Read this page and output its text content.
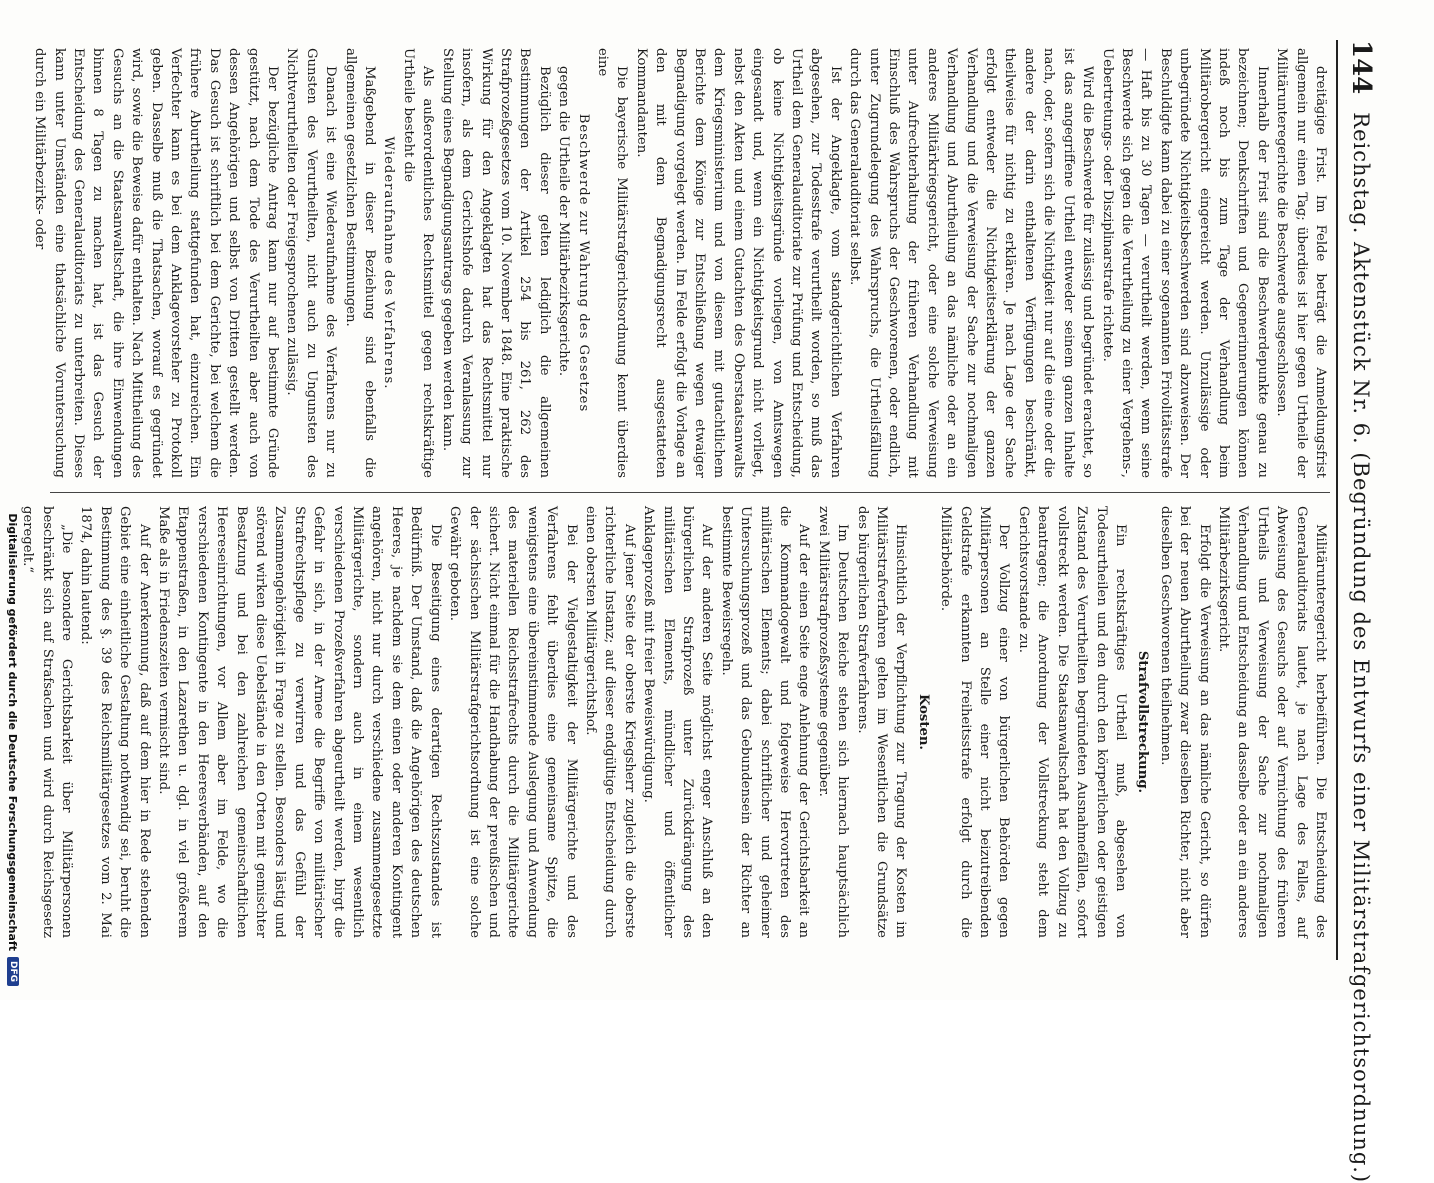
144
Reichstag. Aktenstück Nr. 6. (Begründung des Entwurfs einer Militärstrafgerichtsordnung.)

dreitägige Frist. Im Felde beträgt die Anmeldungsfrist allgemein nur einen Tag; überdies ist hier gegen Urtheile der Militärunteregerichte die Beschwerde ausgeschlossen.

Innerhalb der Frist sind die Beschwerdepunkte genau zu bezeichnen; Denkschriften und Gegenerinnerungen können indeß noch bis zum Tage der Verhandlung beim Militärobergericht eingereicht werden. Unzulässige oder unbegründete Nichtigkeitsbeschwerden sind abzuweisen. Der Beschuldigte kann dabei zu einer sogenannten Frivolitätsstrafe — Haft bis zu 30 Tagen — verurtheilt werden, wenn seine Beschwerde sich gegen die Verurtheilung zu einer Vergehens-, Uebertretungs- oder Disziplinarstrafe richtete.

Wird die Beschwerde für zulässig und begründet erachtet, so ist das angegriffene Urtheil entweder seinem ganzen Inhalte nach, oder, sofern sich die Nichtigkeit nur auf die eine oder die andere der darin enthaltenen Verfügungen beschränkt, theilweise für nichtig zu erklären. Je nach Lage der Sache erfolgt entweder die Nichtigkeitserklärung der ganzen Verhandlung und die Verweisung der Sache zur nochmaligen Verhandlung und Aburtheilung an das nämliche oder an ein anderes Militärkriegsgericht, oder eine solche Verweisung unter Aufrechterhaltung der früheren Verhandlung mit Einschluß des Wahrspruchs der Geschworenen, oder endlich, unter Zugrundelegung des Wahrspruchs, die Urtheilsfällung durch das Generalauditoriat selbst.

Ist der Angeklagte, vom standgerichtlichen Verfahren abgesehen, zur Todesstrafe verurtheilt worden, so muß das Urtheil dem Generalauditoriate zur Prüfung und Entscheidung, ob keine Nichtigkeitsgründe vorliegen, von Amtswegen eingesandt und, wenn ein Nichtigkeitsgrund nicht vorliegt, nebst den Akten und einem Gutachten des Oberstaatsanwalts dem Kriegsministerium und von diesem mit gutachtlichem Berichte dem Könige zur Entschließung wegen etwaiger Begnadigung vorgelegt werden. Im Felde erfolgt die Vorlage an den mit dem Begnadigungsrecht ausgestatteten Kommandanten.

Die bayerische Militärstrafgerichtsordnung kennt überdies eine

Beschwerde zur Wahrung des Gesetzes

gegen die Urtheile der Militärbezirksgerichte.

Bezüglich dieser gelten lediglich die allgemeinen Bestimmungen der Artikel 254 bis 261, 262 des Strafprozeßgesetzes vom 10. November 1848. Eine praktische Wirkung für den Angeklagten hat das Rechtsmittel nur insofern, als dem Gerichtshofe dadurch Veranlassung zur Stellung eines Begnadigungsantrags gegeben werden kann.

Als außerordentliches Rechtsmittel gegen rechtskräftige Urtheile besteht die

Wiederaufnahme des Verfahrens.

Maßgebend in dieser Beziehung sind ebenfalls die allgemeinen gesetzlichen Bestimmungen.

Danach ist eine Wiederaufnahme des Verfahrens nur zu Gunsten des Verurtheilten, nicht auch zu Ungunsten des Nichtverurtheilten oder Freigesprochenen zulässig.

Der bezügliche Antrag kann nur auf bestimmte Gründe gestützt, nach dem Tode des Verurtheilten aber auch von dessen Angehörigen und selbst von Dritten gestellt werden. Das Gesuch ist schriftlich bei dem Gerichte, bei welchem die frühere Aburtheilung stattgefunden hat, einzureichen. Ein Verfechter kann es bei dem Anklagevorsteher zu Protokoll geben. Dasselbe muß die Thatsachen, worauf es gegründet wird, sowie die Beweise dafür enthalten. Nach Mittheilung des Gesuchs an die Staatsanwaltschaft, die ihre Einwendungen binnen 8 Tagen zu machen hat, ist das Gesuch der Entscheidung des Generalauditoriats zu unterbreiten. Dieses kann unter Umständen eine thatsächliche Voruntersuchung durch ein Militärbezirks- oder

Militärunteregericht herbeiführen. Die Entscheidung des Generalauditoriats lautet, je nach Lage des Falles, auf Abweisung des Gesuchs oder auf Vernichtung des früheren Urtheils und Verweisung der Sache zur nochmaligen Verhandlung und Entscheidung an dasselbe oder an ein anderes Militärbezirksgericht.

Erfolgt die Verweisung an das nämliche Gericht, so dürfen bei der neuen Aburtheilung zwar dieselben Richter, nicht aber dieselben Geschworenen theilnehmen.

Strafvollstreckung.

Ein rechtskräftiges Urtheil muß, abgesehen von Todesurtheilen und den durch den körperlichen oder geistigen Zustand des Verurtheilten begründeten Ausnahmefällen, sofort vollstreckt werden. Die Staatsanwaltschaft hat den Vollzug zu beantragen; die Anordnung der Vollstreckung steht dem Gerichtsvorstande zu.

Der Vollzug einer von bürgerlichen Behörden gegen Militärpersonen an Stelle einer nicht beizutreibenden Geldstrafe erkannten Freiheitsstrafe erfolgt durch die Militärbehörde.

Kosten.

Hinsichtlich der Verpflichtung zur Tragung der Kosten im Militärstrafverfahren gelten im Wesentlichen die Grundsätze des bürgerlichen Strafverfahrens.

Im Deutschen Reiche stehen sich hiernach hauptsächlich zwei Militärstrafprozeßsysteme gegenüber.

Auf der einen Seite enge Anlehnung der Gerichtsbarkeit an die Kommandogewalt und folgeweise Hervortreten des militärischen Elements; dabei schriftlicher und geheimer Untersuchungsprozeß und das Gebundensein der Richter an bestimmte Beweisregeln.

Auf der anderen Seite möglichst enger Anschluß an den bürgerlichen Strafprozeß unter Zurückdrängung des militärischen Elements, mündlicher und öffentlicher Anklageprozeß mit freier Beweiswürdigung.

Auf jener Seite der oberste Kriegsherr zugleich die oberste richterliche Instanz; auf dieser endgültige Entscheidung durch einen obersten Militärgerichtshof.

Bei der Vielgestaltigkeit der Militärgerichte und des Verfahrens fehlt überdies eine gemeinsame Spitze, die wenigstens eine übereinstimmende Auslegung und Anwendung des materiellen Reichsstrafrechts durch die Militärgerichte sichert. Nicht einmal für die Handhabung der preußischen und der sächsischen Militärstrafgerichtsordnung ist eine solche Gewähr geboten.

Die Beseitigung eines derartigen Rechtszustandes ist Bedürfniß. Der Umstand, daß die Angehörigen des deutschen Heeres, je nachdem sie dem einen oder anderen Kontingent angehören, nicht nur durch verschiedene zusammengesetzte Militärgerichte, sondern auch in einem wesentlich verschiedenen Prozeßverfahren abgeurtheilt werden, birgt die Gefahr in sich, in der Armee die Begriffe von militärischer Strafrechtspflege zu verwirren und das Gefühl der Zusammengehörigkeit in Frage zu stellen. Besonders lästig und störend wirken diese Uebelstände in den Orten mit gemischter Besatzung und bei den zahlreichen gemeinschaftlichen Heereseinrichtungen, vor Allem aber im Felde, wo die verschiedenen Kontingente in den Heeresverbänden, auf den Etappenstraßen, in den Lazarethen u. dgl. in viel größerem Maße als in Friedenszeiten vermischt sind.

Auf der Anerkennung, daß auf dem hier in Rede stehenden Gebiet eine einheitliche Gestaltung nothwendig sei, beruht die Bestimmung des §. 39 des Reichsmilitärgesetzes vom 2. Mai 1874, dahin lautend:

„Die besondere Gerichtsbarkeit über Militärpersonen beschränkt sich auf Strafsachen und wird durch Reichsgesetz geregelt.“

Digitalisierung gefördert durch die Deutsche Forschungsgemeinschaft
DFG
